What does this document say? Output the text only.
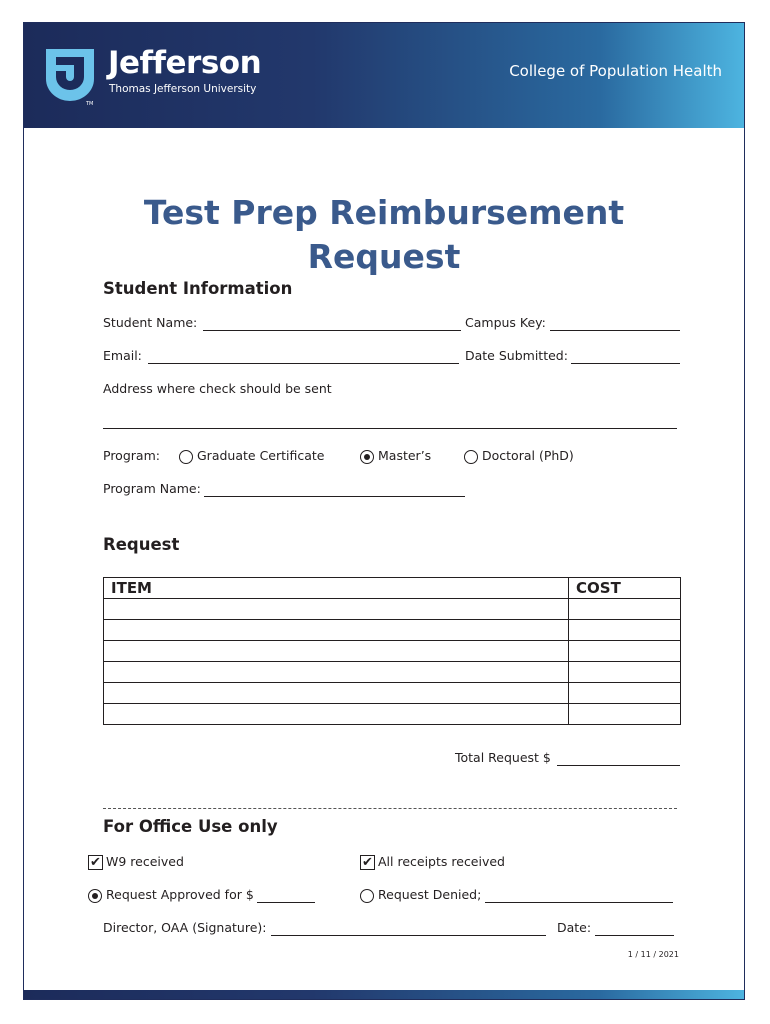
Jefferson
Thomas Jefferson University
TM
College of Population Health
Test Prep Reimbursement
Request
Student Information
Student Name:	Campus Key:
Email:	Date Submitted:
Address where check should be sent
Program:	Graduate Certificate	Master’s	Doctoral (PhD)
Program Name:
Request
ITEM	COST

Total Request $
For Office Use only
✔ W9 received	✔ All receipts received
Request Approved for $	Request Denied;
Director, OAA (Signature):	Date:
1 / 11 / 2021
